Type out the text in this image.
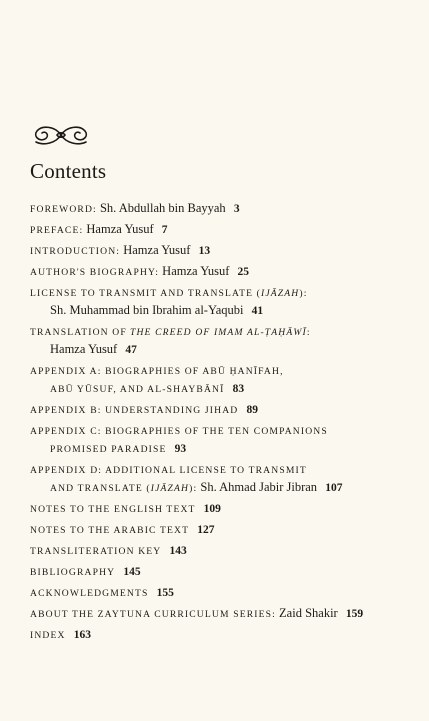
Contents
FOREWORD: Sh. Abdullah bin Bayyah 3
PREFACE: Hamza Yusuf 7
INTRODUCTION: Hamza Yusuf 13
AUTHOR'S BIOGRAPHY: Hamza Yusuf 25
LICENSE TO TRANSMIT AND TRANSLATE (IJĀZAH):
Sh. Muhammad bin Ibrahim al-Yaqubi 41
TRANSLATION OF THE CREED OF IMAM AL-ṬAḤĀWĪ:
Hamza Yusuf 47
APPENDIX A: BIOGRAPHIES OF ABŪ ḤANĪFAH,
ABŪ YŪSUF, AND AL-SHAYBĀNĪ 83
APPENDIX B: UNDERSTANDING JIHAD 89
APPENDIX C: BIOGRAPHIES OF THE TEN COMPANIONS
PROMISED PARADISE 93
APPENDIX D: ADDITIONAL LICENSE TO TRANSMIT
AND TRANSLATE (IJĀZAH): Sh. Ahmad Jabir Jibran 107
NOTES TO THE ENGLISH TEXT 109
NOTES TO THE ARABIC TEXT 127
TRANSLITERATION KEY 143
BIBLIOGRAPHY 145
ACKNOWLEDGMENTS 155
ABOUT THE ZAYTUNA CURRICULUM SERIES: Zaid Shakir 159
INDEX 163
